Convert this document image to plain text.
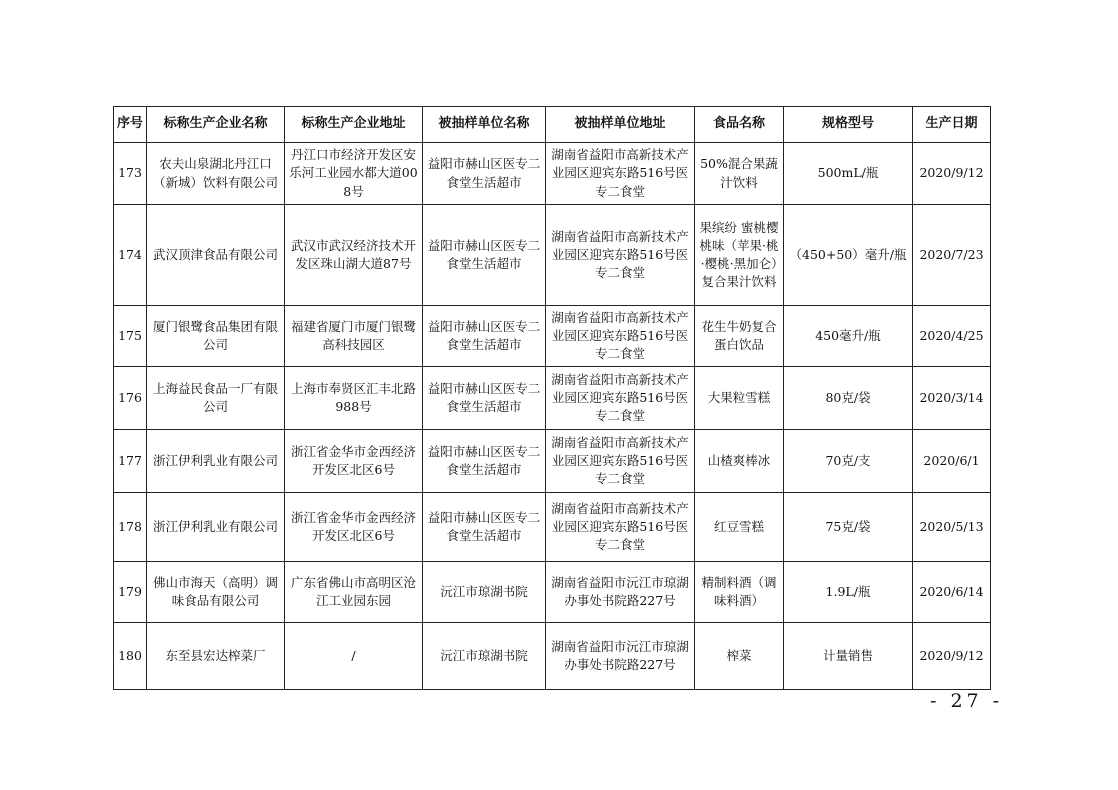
序号	标称生产企业名称	标称生产企业地址	被抽样单位名称	被抽样单位地址	食品名称	规格型号	生产日期
173	农夫山泉湖北丹江口（新城）饮料有限公司	丹江口市经济开发区安乐河工业园水都大道008号	益阳市赫山区医专二食堂生活超市	湖南省益阳市高新技术产业园区迎宾东路516号医专二食堂	50%混合果蔬汁饮料	500mL/瓶	2020/9/12
174	武汉顶津食品有限公司	武汉市武汉经济技术开发区珠山湖大道87号	益阳市赫山区医专二食堂生活超市	湖南省益阳市高新技术产业园区迎宾东路516号医专二食堂	果缤纷 蜜桃樱桃味（苹果·桃·樱桃·黑加仑）复合果汁饮料	（450+50）毫升/瓶	2020/7/23
175	厦门银鹭食品集团有限公司	福建省厦门市厦门银鹭高科技园区	益阳市赫山区医专二食堂生活超市	湖南省益阳市高新技术产业园区迎宾东路516号医专二食堂	花生牛奶复合蛋白饮品	450毫升/瓶	2020/4/25
176	上海益民食品一厂有限公司	上海市奉贤区汇丰北路988号	益阳市赫山区医专二食堂生活超市	湖南省益阳市高新技术产业园区迎宾东路516号医专二食堂	大果粒雪糕	80克/袋	2020/3/14
177	浙江伊利乳业有限公司	浙江省金华市金西经济开发区北区6号	益阳市赫山区医专二食堂生活超市	湖南省益阳市高新技术产业园区迎宾东路516号医专二食堂	山楂爽棒冰	70克/支	2020/6/1
178	浙江伊利乳业有限公司	浙江省金华市金西经济开发区北区6号	益阳市赫山区医专二食堂生活超市	湖南省益阳市高新技术产业园区迎宾东路516号医专二食堂	红豆雪糕	75克/袋	2020/5/13
179	佛山市海天（高明）调味食品有限公司	广东省佛山市高明区沧江工业园东园	沅江市琼湖书院	湖南省益阳市沅江市琼湖办事处书院路227号	精制料酒（调味料酒）	1.9L/瓶	2020/6/14
180	东至县宏达榨菜厂	/	沅江市琼湖书院	湖南省益阳市沅江市琼湖办事处书院路227号	榨菜	计量销售	2020/9/12
- 27 -
